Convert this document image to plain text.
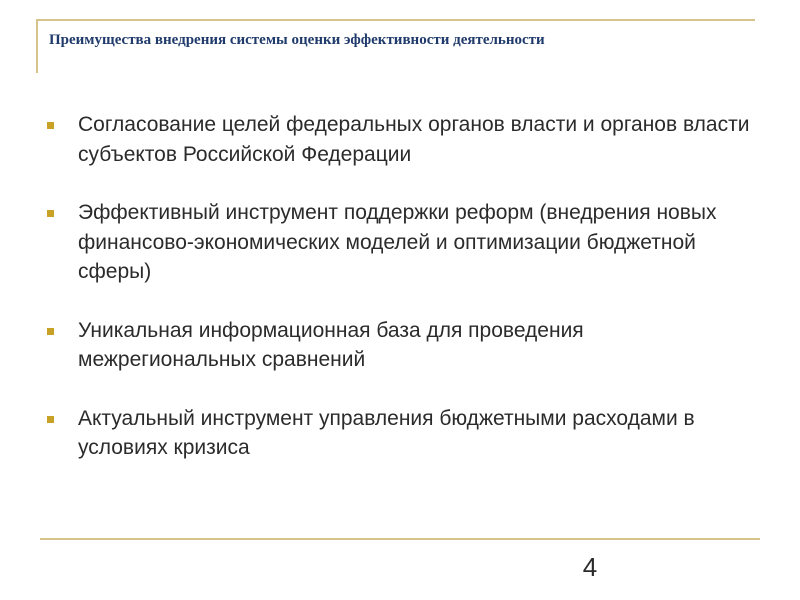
Преимущества внедрения системы оценки эффективности деятельности
Согласование целей федеральных органов власти и органов власти субъектов Российской Федерации
Эффективный инструмент поддержки реформ (внедрения новых финансово-экономических моделей и оптимизации бюджетной сферы)
Уникальная информационная база для проведения межрегиональных сравнений
Актуальный инструмент управления бюджетными расходами в условиях кризиса
4
